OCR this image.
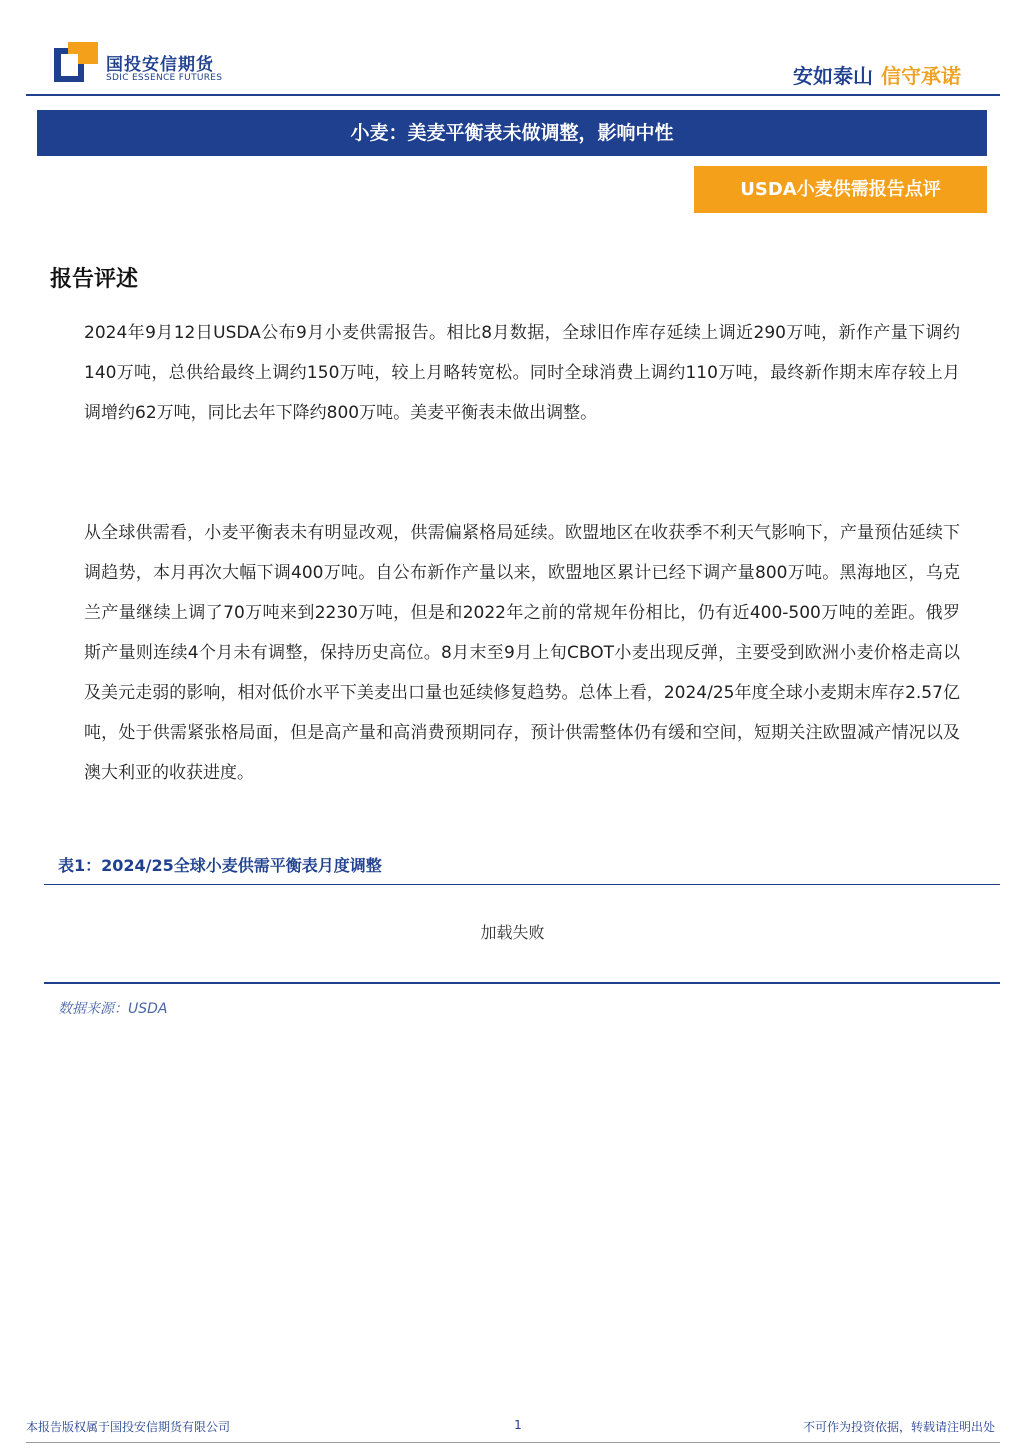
国投安信期货
SDIC ESSENCE FUTURES	安如泰山 信守承诺
小麦：美麦平衡表未做调整，影响中性
USDA小麦供需报告点评
报告评述

2024年9月12日USDA公布9月小麦供需报告。相比8月数据，全球旧作库存延续上调近290万吨，新作产量下调约140万吨，总供给最终上调约150万吨，较上月略转宽松。同时全球消费上调约110万吨，最终新作期末库存较上月调增约62万吨，同比去年下降约800万吨。美麦平衡表未做出调整。

从全球供需看，小麦平衡表未有明显改观，供需偏紧格局延续。欧盟地区在收获季不利天气影响下，产量预估延续下调趋势，本月再次大幅下调400万吨。自公布新作产量以来，欧盟地区累计已经下调产量800万吨。黑海地区，乌克兰产量继续上调了70万吨来到2230万吨，但是和2022年之前的常规年份相比，仍有近400-500万吨的差距。俄罗斯产量则连续4个月未有调整，保持历史高位。8月末至9月上旬CBOT小麦出现反弹，主要受到欧洲小麦价格走高以及美元走弱的影响，相对低价水平下美麦出口量也延续修复趋势。总体上看，2024/25年度全球小麦期末库存2.57亿吨，处于供需紧张格局面，但是高产量和高消费预期同存，预计供需整体仍有缓和空间，短期关注欧盟减产情况以及澳大利亚的收获进度。

表1：2024/25全球小麦供需平衡表月度调整
加载失败
数据来源：USDA
本报告版权属于国投安信期货有限公司	1	不可作为投资依据，转载请注明出处
